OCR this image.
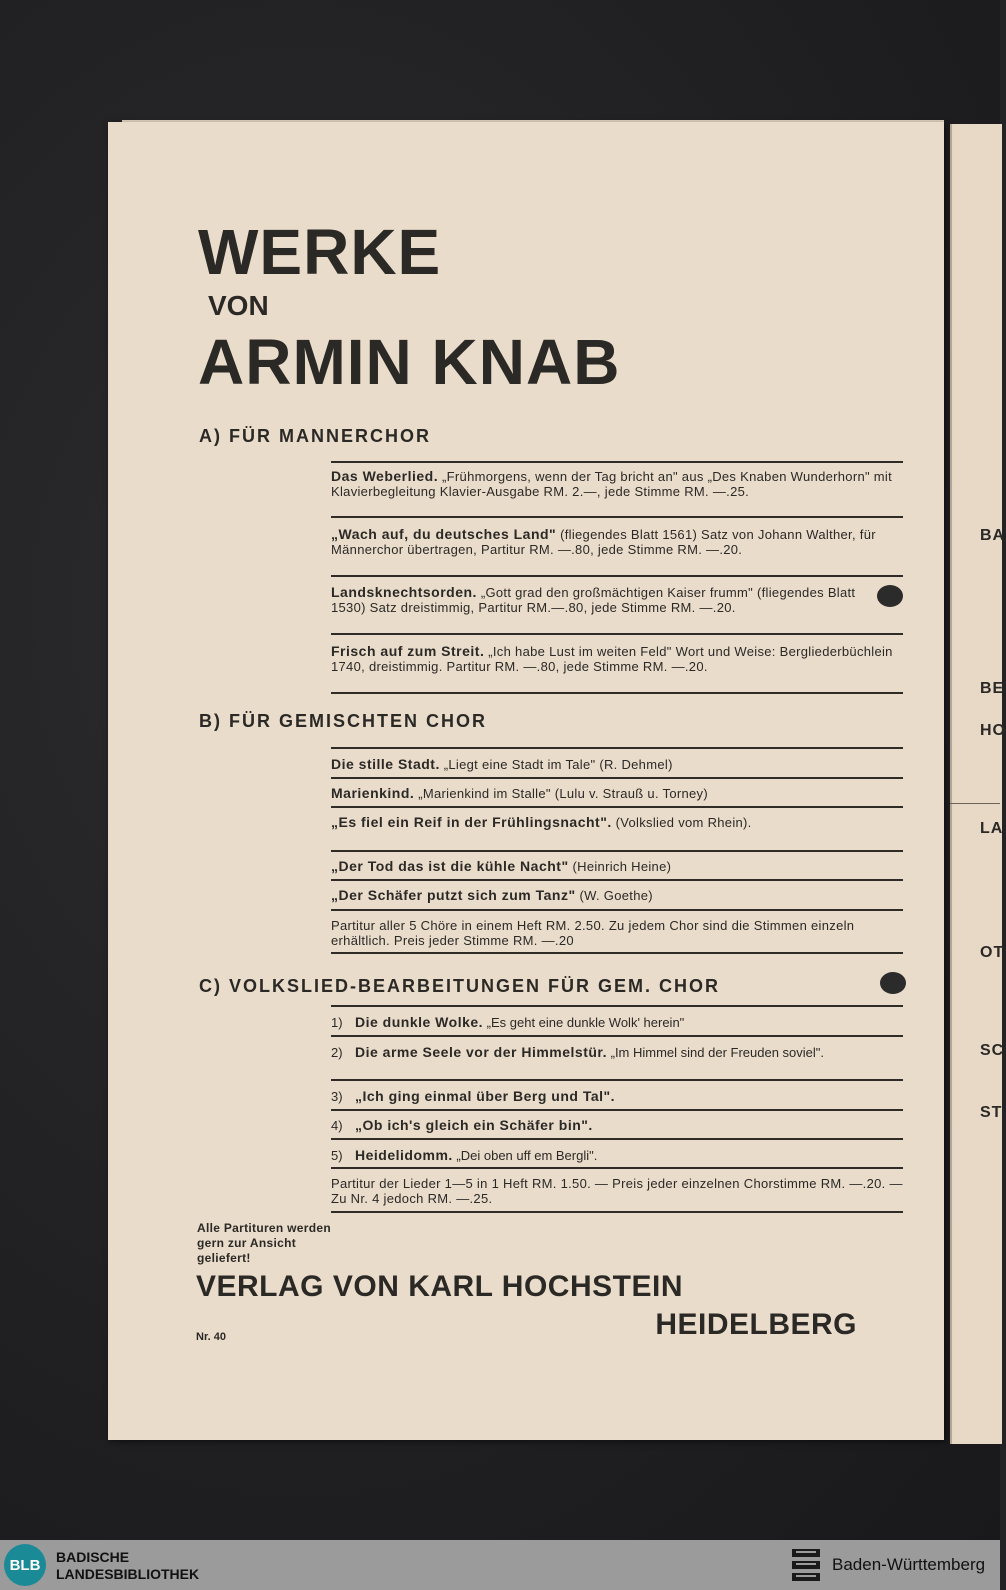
BA
BE
HO
LA
OT
SC
ST
WERKE
VON
ARMIN KNAB
A) FÜR MANNERCHOR
Das Weberlied. „Frühmorgens, wenn der Tag bricht an" aus „Des Knaben Wunderhorn" mit Klavierbegleitung Klavier-Ausgabe RM. 2.—, jede Stimme RM. —.25.
„Wach auf, du deutsches Land" (fliegendes Blatt 1561) Satz von Johann Walther, für Männerchor übertragen, Partitur RM. —.80, jede Stimme RM. —.20.
Landsknechtsorden. „Gott grad den großmächtigen Kaiser frumm" (fliegendes Blatt 1530) Satz dreistimmig, Partitur RM.—.80, jede Stimme RM. —.20.
Frisch auf zum Streit. „Ich habe Lust im weiten Feld" Wort und Weise: Bergliederbüchlein 1740, dreistimmig. Partitur RM. —.80, jede Stimme RM. —.20.
B) FÜR GEMISCHTEN CHOR
Die stille Stadt. „Liegt eine Stadt im Tale" (R. Dehmel)
Marienkind. „Marienkind im Stalle" (Lulu v. Strauß u. Torney)
„Es fiel ein Reif in der Frühlingsnacht". (Volkslied vom Rhein).
„Der Tod das ist die kühle Nacht" (Heinrich Heine)
„Der Schäfer putzt sich zum Tanz" (W. Goethe)
Partitur aller 5 Chöre in einem Heft RM. 2.50. Zu jedem Chor sind die Stimmen einzeln erhältlich. Preis jeder Stimme RM. —.20
C) VOLKSLIED-BEARBEITUNGEN FÜR GEM. CHOR
1) Die dunkle Wolke. „Es geht eine dunkle Wolk' herein"
2) Die arme Seele vor der Himmelstür. „Im Himmel sind der Freuden soviel".
3) „Ich ging einmal über Berg und Tal".
4) „Ob ich's gleich ein Schäfer bin".
5) Heidelidomm. „Dei oben uff em Bergli".
Partitur der Lieder 1—5 in 1 Heft RM. 1.50. — Preis jeder einzelnen Chorstimme RM. —.20. — Zu Nr. 4 jedoch RM. —.25.
Alle Partituren werden gern zur Ansicht geliefert!
VERLAG VON KARL HOCHSTEIN
HEIDELBERG
Nr. 40
BLB	BADISCHE
LANDESBIBLIOTHEK	Baden-Württemberg
